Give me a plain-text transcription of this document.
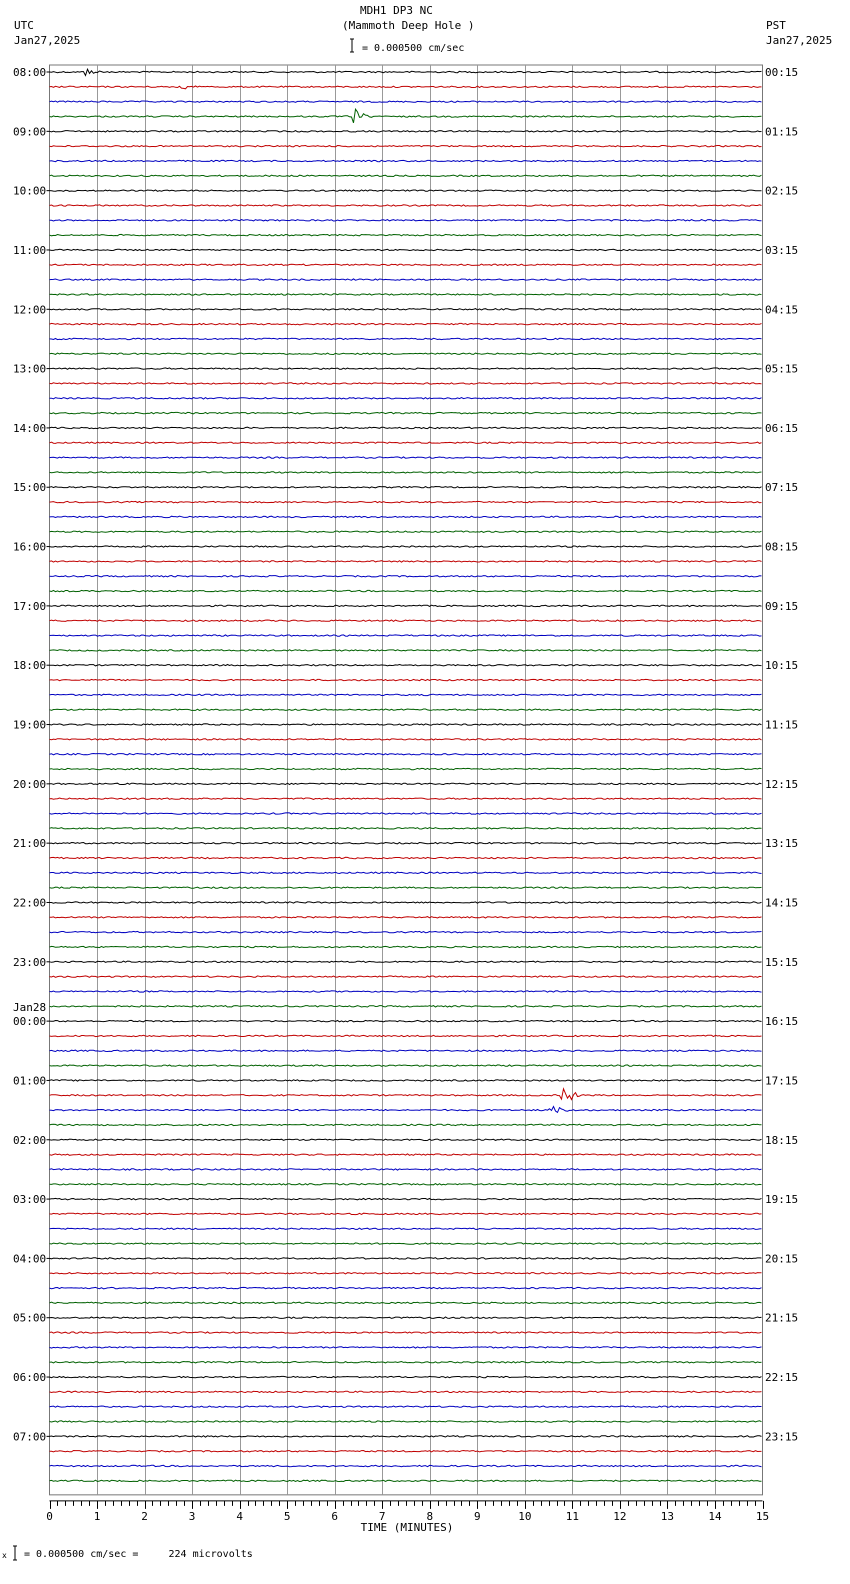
MDH1 DP3 NC
(Mammoth Deep Hole )
UTC
Jan27,2025
PST
Jan27,2025
= 0.000500 cm/sec
x = 0.000500 cm/sec =     224 microvolts
08:00
09:00
10:00
11:00
12:00
13:00
14:00
15:00
16:00
17:00
18:00
19:00
20:00
21:00
22:00
23:00
00:00
01:00
02:00
03:00
04:00
05:00
06:00
07:00
Jan28
00:15
01:15
02:15
03:15
04:15
05:15
06:15
07:15
08:15
09:15
10:15
11:15
12:15
13:15
14:15
15:15
16:15
17:15
18:15
19:15
20:15
21:15
22:15
23:15
0	1	2	3	4	5	6	7	8	9	10	11	12	13	14	15
TIME (MINUTES)
